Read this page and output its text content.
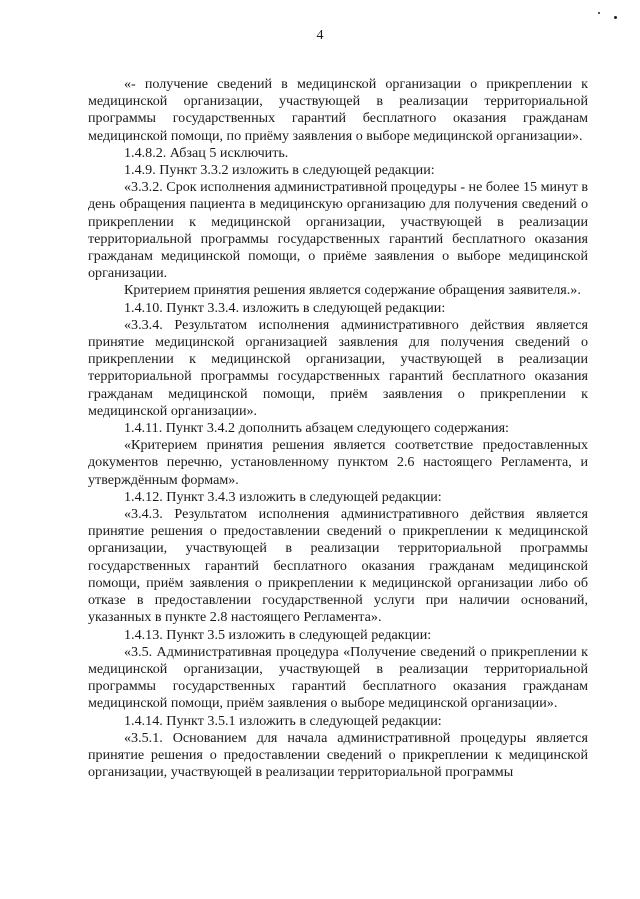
4

«- получение сведений в медицинской организации о прикреплении к медицинской организации, участвующей в реализации территориальной программы государственных гарантий бесплатного оказания гражданам медицинской помощи, по приёму заявления о выборе медицинской организации».

1.4.8.2. Абзац 5 исключить.

1.4.9. Пункт 3.3.2 изложить в следующей редакции:

«3.3.2. Срок исполнения административной процедуры - не более 15 минут в день обращения пациента в медицинскую организацию для получения сведений о прикреплении к медицинской организации, участвующей в реализации территориальной программы государственных гарантий бесплатного оказания гражданам медицинской помощи, о приёме заявления о выборе медицинской организации.

Критерием принятия решения является содержание обращения заявителя.».

1.4.10. Пункт 3.3.4. изложить в следующей редакции:

«3.3.4. Результатом исполнения административного действия является принятие медицинской организацией заявления для получения сведений о прикреплении к медицинской организации, участвующей в реализации территориальной программы государственных гарантий бесплатного оказания гражданам медицинской помощи, приём заявления о прикреплении к медицинской организации».

1.4.11. Пункт 3.4.2 дополнить абзацем следующего содержания:

«Критерием принятия решения является соответствие предоставленных документов перечню, установленному пунктом 2.6 настоящего Регламента, и утверждённым формам».

1.4.12. Пункт 3.4.3 изложить в следующей редакции:

«3.4.3. Результатом исполнения административного действия является принятие решения о предоставлении сведений о прикреплении к медицинской организации, участвующей в реализации территориальной программы государственных гарантий бесплатного оказания гражданам медицинской помощи, приём заявления о прикреплении к медицинской организации либо об отказе в предоставлении государственной услуги при наличии оснований, указанных в пункте 2.8 настоящего Регламента».

1.4.13. Пункт 3.5 изложить в следующей редакции:

«3.5. Административная процедура «Получение сведений о прикреплении к медицинской организации, участвующей в реализации территориальной программы государственных гарантий бесплатного оказания гражданам медицинской помощи, приём заявления о выборе медицинской организации».

1.4.14. Пункт 3.5.1 изложить в следующей редакции:

«3.5.1. Основанием для начала административной процедуры является принятие решения о предоставлении сведений о прикреплении к медицинской организации, участвующей в реализации территориальной программы
